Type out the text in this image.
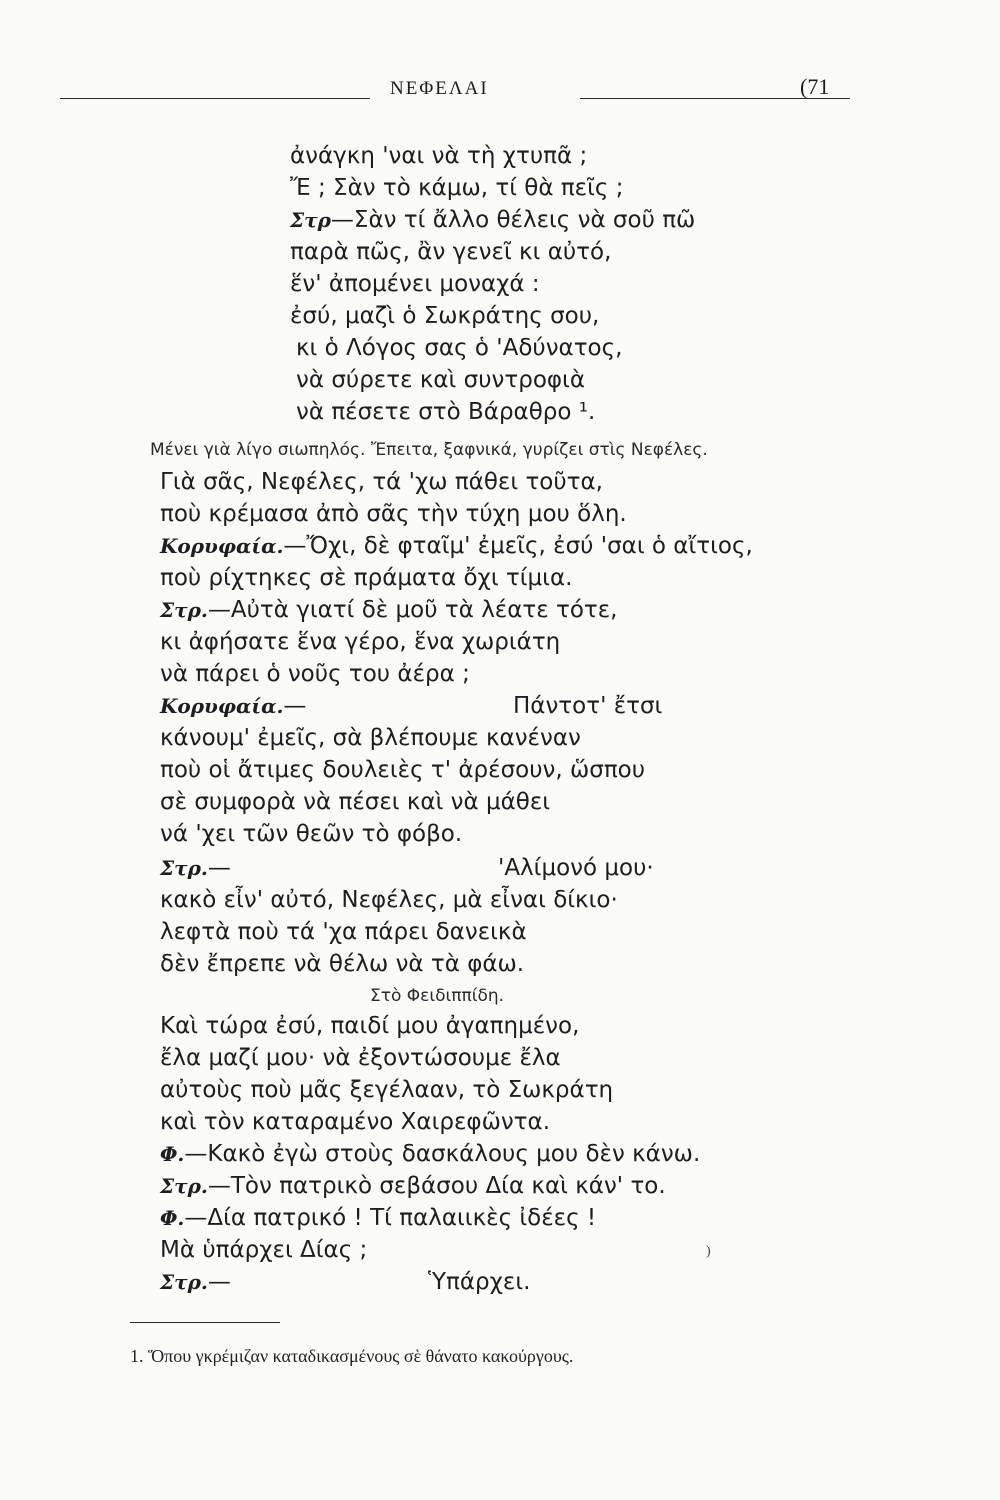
ΝΕΦΕΛΑΙ	(71
ἀνάγκη 'ναι νὰ τὴ χτυπᾶ ;
Ἔ ; Σὰν τὸ κάμω, τί θὰ πεῖς ;
Στρ—Σὰν τί ἄλλο θέλεις νὰ σοῦ πῶ
παρὰ πῶς, ἂν γενεῖ κι αὐτό,
ἕν' ἀπομένει μοναχά :
ἐσύ, μαζὶ ὁ Σωκράτης σου,
κι ὁ Λόγος σας ὁ 'Αδύνατος,
νὰ σύρετε καὶ συντροφιὰ
νὰ πέσετε στὸ Βάραθρο ¹.
Μένει γιὰ λίγο σιωπηλός. Ἔπειτα, ξαφνικά, γυρίζει στὶς Νεφέλες.
Γιὰ σᾶς, Νεφέλες, τά 'χω πάθει τοῦτα,
ποὺ κρέμασα ἀπὸ σᾶς τὴν τύχη μου ὅλη.
Κορυφαία.—Ὄχι, δὲ φταῖμ' ἐμεῖς, ἐσύ 'σαι ὁ αἴτιος,
ποὺ ρίχτηκες σὲ πράματα ὄχι τίμια.
Στρ.—Αὐτὰ γιατί δὲ μοῦ τὰ λέατε τότε,
κι ἀφήσατε ἕνα γέρο, ἕνα χωριάτη
νὰ πάρει ὁ νοῦς του ἀέρα ;
Κορυφαία.—	Πάντοτ' ἔτσι
κάνουμ' ἐμεῖς, σὰ βλέπουμε κανέναν
ποὺ οἱ ἄτιμες δουλειὲς τ' ἀρέσουν, ὥσπου
σὲ συμφορὰ νὰ πέσει καὶ νὰ μάθει
νά 'χει τῶν θεῶν τὸ φόβο.
Στρ.—	'Αλίμονό μου·
κακὸ εἶν' αὐτό, Νεφέλες, μὰ εἶναι δίκιο·
λεφτὰ ποὺ τά 'χα πάρει δανεικὰ
δὲν ἔπρεπε νὰ θέλω νὰ τὰ φάω.
Στὸ Φειδιππίδη.
Καὶ τώρα ἐσύ, παιδί μου ἀγαπημένο,
ἔλα μαζί μου· νὰ ἐξοντώσουμε ἔλα
αὐτοὺς ποὺ μᾶς ξεγέλααν, τὸ Σωκράτη
καὶ τὸν καταραμένο Χαιρεφῶντα.
Φ.—Κακὸ ἐγὼ στοὺς δασκάλους μου δὲν κάνω.
Στρ.—Τὸν πατρικὸ σεβάσου Δία καὶ κάν' το.
Φ.—Δία πατρικό ! Τί παλαιικὲς ἰδέες !
Μὰ ὑπάρχει Δίας ;
Στρ.—	Ὑπάρχει.
)
1. Ὅπου γκρέμιζαν καταδικασμένους σὲ θάνατο κακούργους.
